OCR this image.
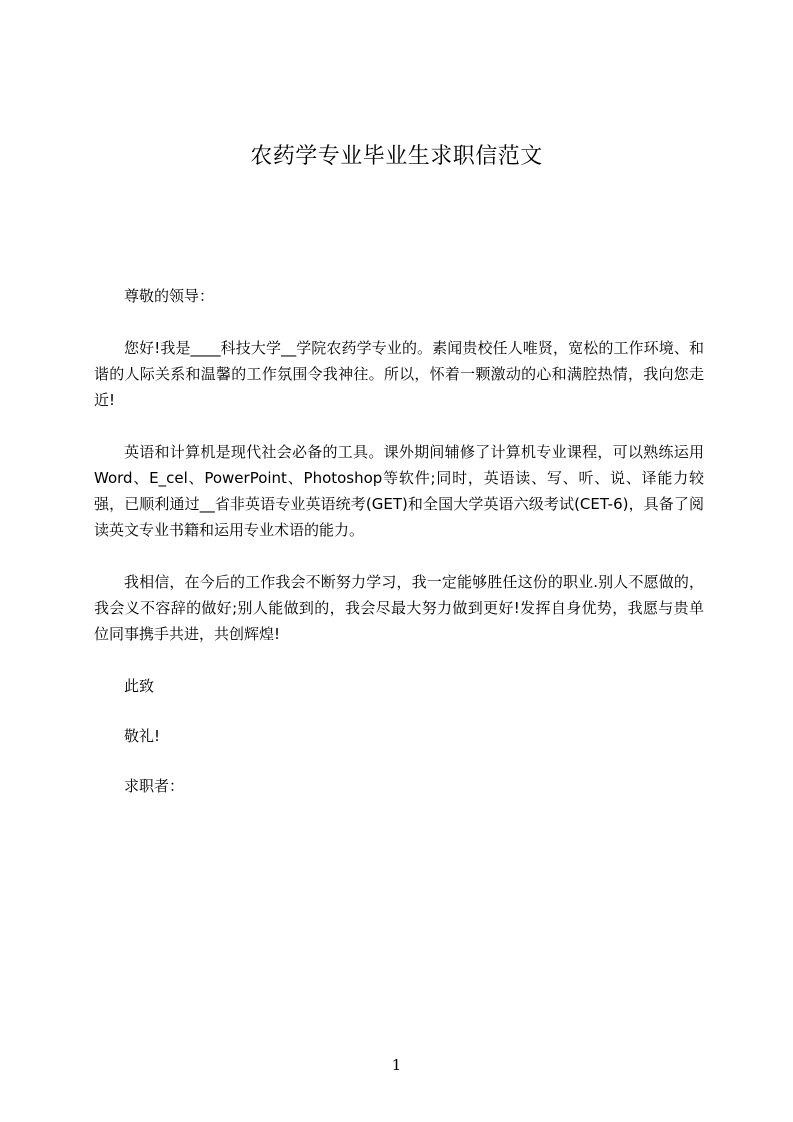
农药学专业毕业生求职信范文

尊敬的领导：

您好!我是____科技大学__学院农药学专业的。素闻贵校任人唯贤，宽松的工作环境、和谐的人际关系和温馨的工作氛围令我神往。所以，怀着一颗激动的心和满腔热情，我向您走近!

英语和计算机是现代社会必备的工具。课外期间辅修了计算机专业课程，可以熟练运用Word、E_cel、PowerPoint、Photoshop等软件;同时，英语读、写、听、说、译能力较强，已顺利通过__省非英语专业英语统考(GET)和全国大学英语六级考试(CET-6)，具备了阅读英文专业书籍和运用专业术语的能力。

我相信，在今后的工作我会不断努力学习，我一定能够胜任这份的职业.别人不愿做的，我会义不容辞的做好;别人能做到的，我会尽最大努力做到更好!发挥自身优势，我愿与贵单位同事携手共进，共创辉煌!

此致

敬礼!

求职者：

1
